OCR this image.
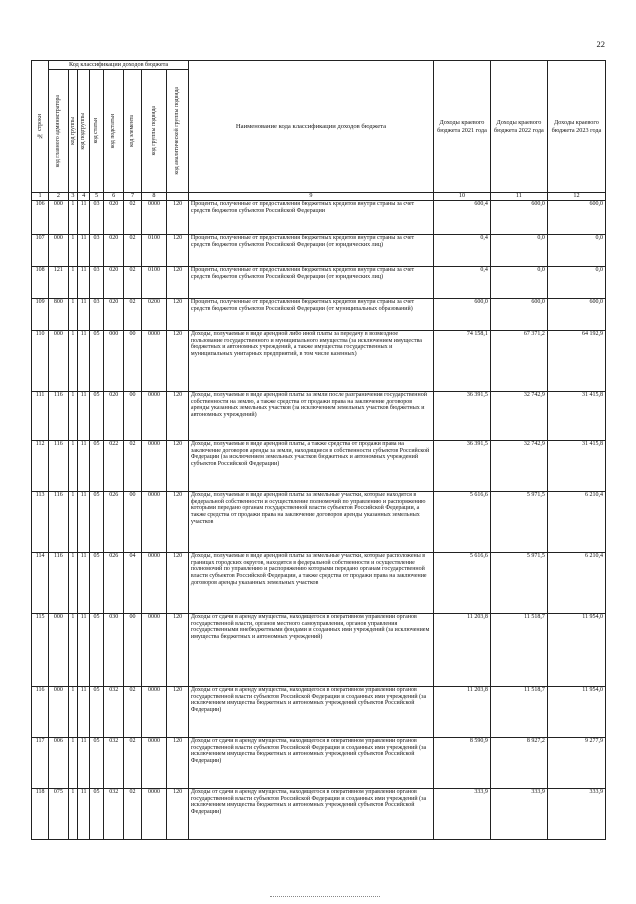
22
№ строки	Код классификации доходов бюджета								Наименование кода классификации доходов бюджета	Доходы краевого бюджета 2021 года	Доходы краевого бюджета 2022 года	Доходы краевого бюджета 2023 года

	код главного администратора	код группы	код подгруппы	код статьи	код подстатьи	код элемента	код группы подвида	код аналитической группы подвида				

1	2	3	4	5	6	7	8		9	10	11	12
106	000	1	11	03	020	02	0000	120	Проценты, полученные от предоставления бюджетных кредитов внутри страны за счет средств бюджетов субъектов Российской Федерации	600,4	600,0	600,0
107	000	1	11	03	020	02	0100	120	Проценты, полученные от предоставления бюджетных кредитов внутри страны за счет средств бюджетов субъектов Российской Федерации (от юридических лиц)	0,4	0,0	0,0
108	121	1	11	03	020	02	0100	120	Проценты, полученные от предоставления бюджетных кредитов внутри страны за счет средств бюджетов субъектов Российской Федерации (от юридических лиц)	0,4	0,0	0,0
109	800	1	11	03	020	02	0200	120	Проценты, полученные от предоставления бюджетных кредитов внутри страны за счет средств бюджетов субъектов Российской Федерации (от муниципальных образований)	600,0	600,0	600,0
110	000	1	11	05	000	00	0000	120	Доходы, получаемые в виде арендной либо иной платы за передачу в возмездное пользование государственного и муниципального имущества (за исключением имущества бюджетных и автономных учреждений, а также имущества государственных и муниципальных унитарных предприятий, в том числе казенных)	74 158,1	67 371,2	64 192,9
111	116	1	11	05	020	00	0000	120	Доходы, получаемые в виде арендной платы за земли после разграничения государственной собственности на землю, а также средства от продажи права на заключение договоров аренды указанных земельных участков (за исключением земельных участков бюджетных и автономных учреждений)	36 391,5	32 742,9	31 415,8
112	116	1	11	05	022	02	0000	120	Доходы, получаемые в виде арендной платы, а также средства от продажи права на заключение договоров аренды за земли, находящиеся в собственности субъектов Российской Федерации (за исключением земельных участков бюджетных и автономных учреждений субъектов Российской Федерации)	36 391,5	32 742,9	31 415,8
113	116	1	11	05	026	00	0000	120	Доходы, получаемые в виде арендной платы за земельные участки, которые находятся в федеральной собственности и осуществление полномочий по управлению и распоряжению которыми передано органам государственной власти субъектов Российской Федерации, а также средства от продажи права на заключение договоров аренды указанных земельных участков	5 616,6	5 971,5	6 210,4
114	116	1	11	05	026	04	0000	120	Доходы, получаемые в виде арендной платы за земельные участки, которые расположены в границах городских округов, находятся в федеральной собственности и осуществление полномочий по управлению и распоряжению которыми передано органам государственной власти субъектов Российской Федерации, а также средства от продажи права на заключение договоров аренды указанных земельных участков	5 616,6	5 971,5	6 210,4
115	000	1	11	05	030	00	0000	120	Доходы от сдачи в аренду имущества, находящегося в оперативном управлении органов государственной власти, органов местного самоуправления, органов управления государственными внебюджетными фондами и созданных ими учреждений (за исключением имущества бюджетных и автономных учреждений)	11 203,8	11 518,7	11 954,0
116	000	1	11	05	032	02	0000	120	Доходы от сдачи в аренду имущества, находящегося в оперативном управлении органов государственной власти субъектов Российской Федерации и созданных ими учреждений (за исключением имущества бюджетных и автономных учреждений субъектов Российской Федерации)	11 203,8	11 518,7	11 954,0
117	006	1	11	05	032	02	0000	120	Доходы от сдачи в аренду имущества, находящегося в оперативном управлении органов государственной власти субъектов Российской Федерации и созданных ими учреждений (за исключением имущества бюджетных и автономных учреждений субъектов Российской Федерации)	8 590,9	8 927,2	9 277,9
118	075	1	11	05	032	02	0000	120	Доходы от сдачи в аренду имущества, находящегося в оперативном управлении органов государственной власти субъектов Российской Федерации и созданных ими учреждений (за исключением имущества бюджетных и автономных учреждений субъектов Российской Федерации)	333,9	333,9	333,9
